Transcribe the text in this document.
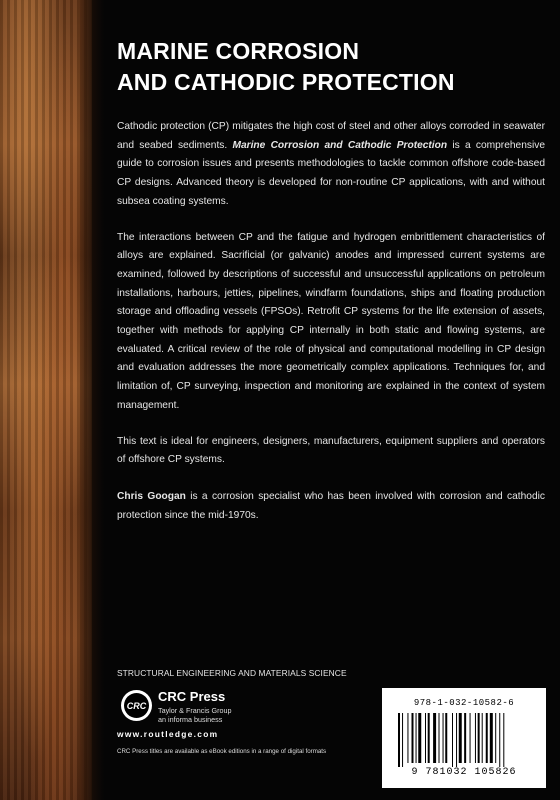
MARINE CORROSION
AND CATHODIC PROTECTION

Cathodic protection (CP) mitigates the high cost of steel and other alloys corroded in seawater and seabed sediments. Marine Corrosion and Cathodic Protection is a comprehensive guide to corrosion issues and presents methodologies to tackle common offshore code-based CP designs. Advanced theory is developed for non-routine CP applications, with and without subsea coating systems.

The interactions between CP and the fatigue and hydrogen embrittlement characteristics of alloys are explained. Sacrificial (or galvanic) anodes and impressed current systems are examined, followed by descriptions of successful and unsuccessful applications on petroleum installations, harbours, jetties, pipelines, windfarm foundations, ships and floating production storage and offloading vessels (FPSOs). Retrofit CP systems for the life extension of assets, together with methods for applying CP internally in both static and flowing systems, are evaluated. A critical review of the role of physical and computational modelling in CP design and evaluation addresses the more geometrically complex applications. Techniques for, and limitation of, CP surveying, inspection and monitoring are explained in the context of system management.

This text is ideal for engineers, designers, manufacturers, equipment suppliers and operators of offshore CP systems.

Chris Googan is a corrosion specialist who has been involved with corrosion and cathodic protection since the mid-1970s.

STRUCTURAL ENGINEERING AND MATERIALS SCIENCE
CRC
CRC Press
Taylor & Francis Group
an informa business
www.routledge.com
CRC Press titles are available as eBook editions in a range of digital formats
978-1-032-10582-6
9 781032 105826
